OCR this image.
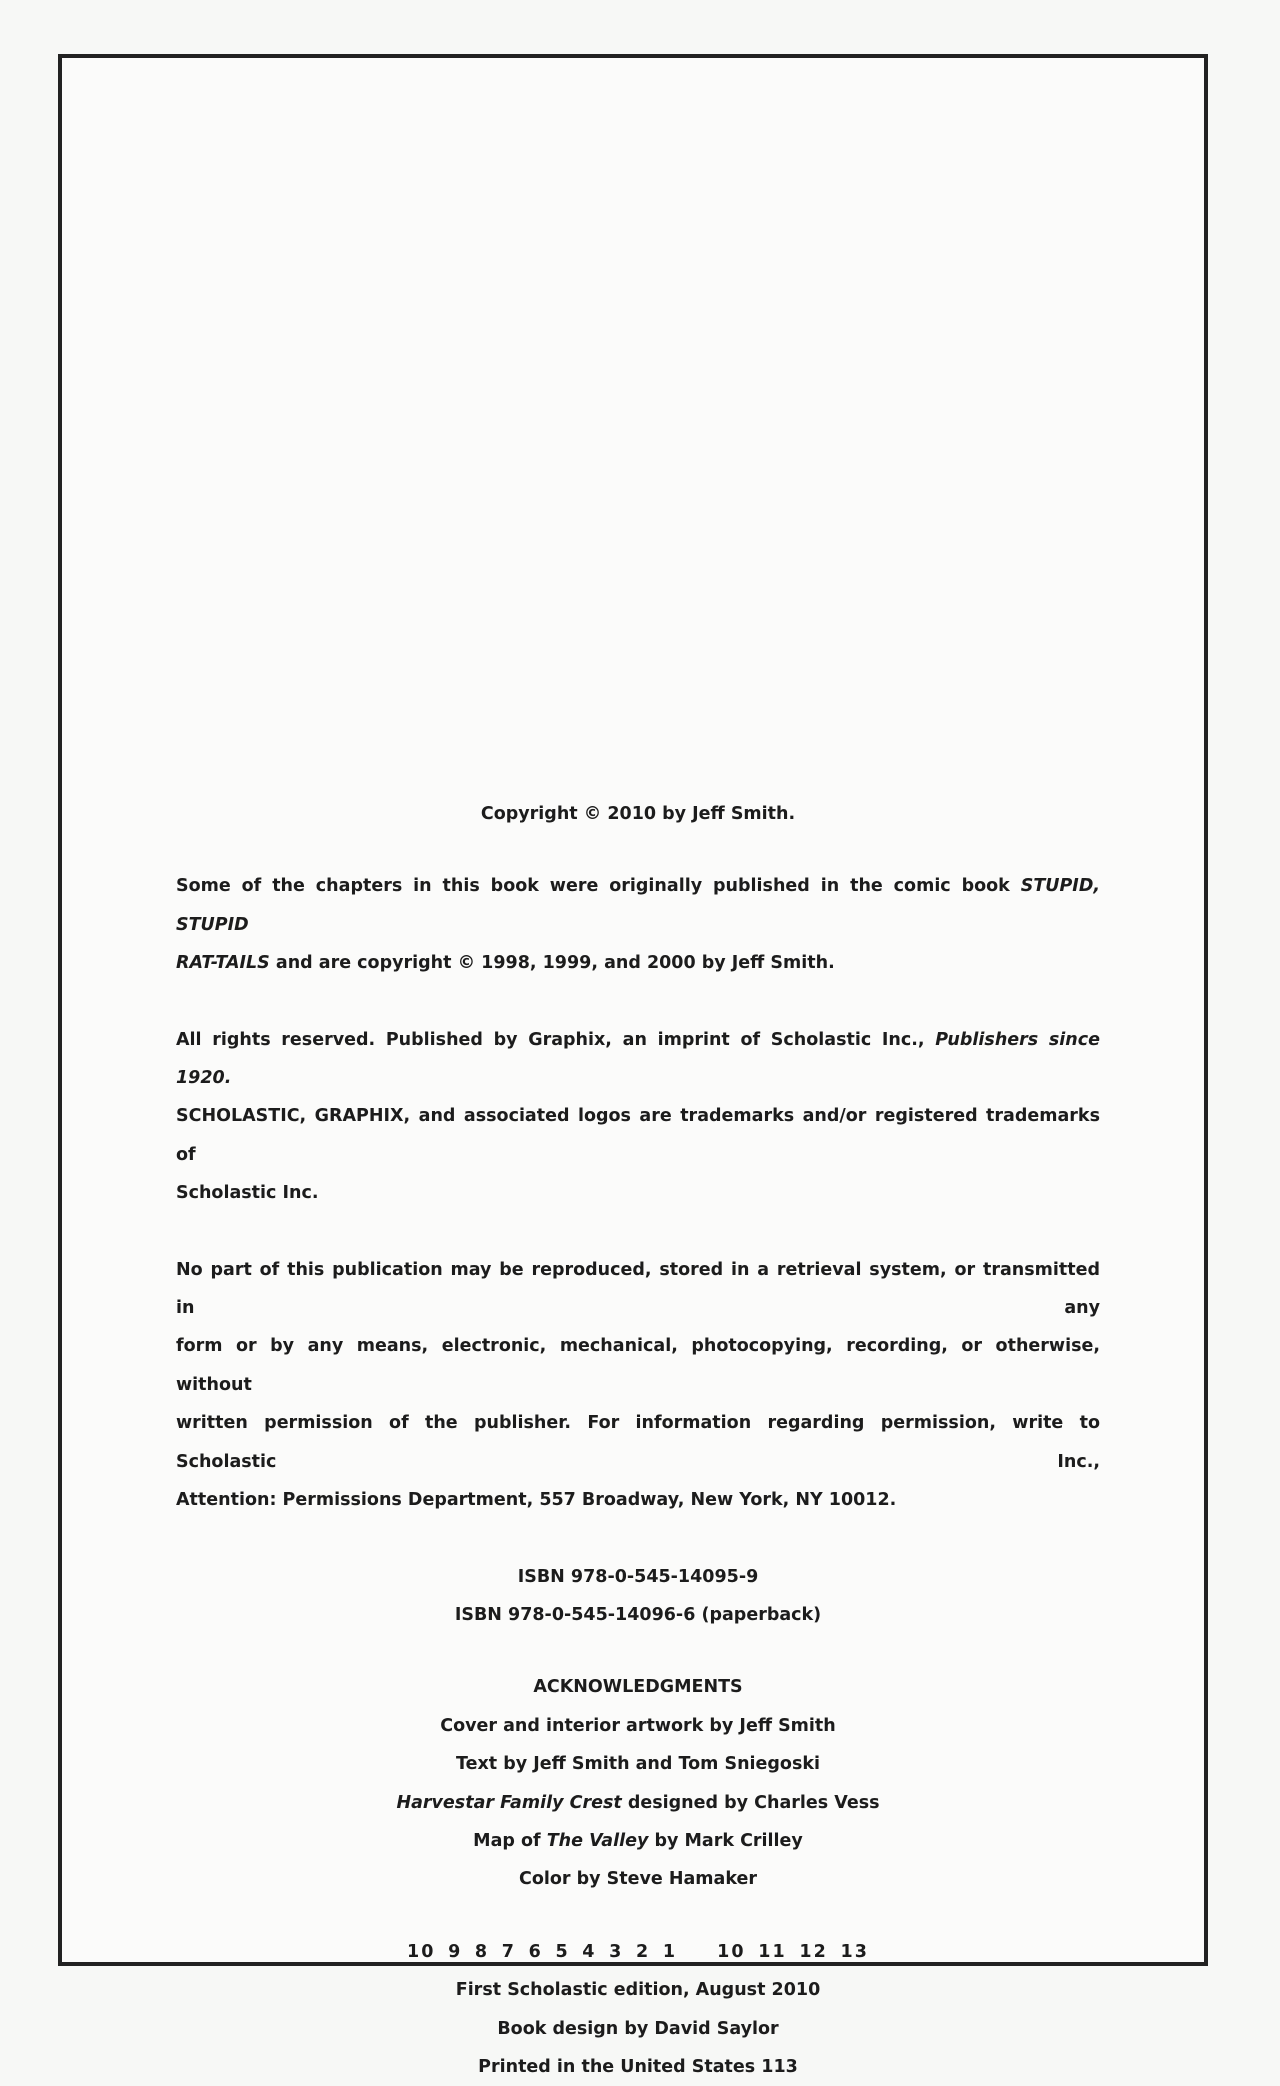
Copyright © 2010 by Jeff Smith.

Some of the chapters in this book were originally published in the comic book STUPID, STUPID
RAT-TAILS and are copyright © 1998, 1999, and 2000 by Jeff Smith.

All rights reserved. Published by Graphix, an imprint of Scholastic Inc., Publishers since 1920.
SCHOLASTIC, GRAPHIX, and associated logos are trademarks and/or registered trademarks of
Scholastic Inc.

No part of this publication may be reproduced, stored in a retrieval system, or transmitted in any
form or by any means, electronic, mechanical, photocopying, recording, or otherwise, without
written permission of the publisher. For information regarding permission, write to Scholastic Inc.,
Attention: Permissions Department, 557 Broadway, New York, NY 10012.

ISBN 978-0-545-14095-9
ISBN 978-0-545-14096-6 (paperback)
ACKNOWLEDGMENTS
Cover and interior artwork by Jeff Smith
Text by Jeff Smith and Tom Sniegoski
Harvestar Family Crest designed by Charles Vess
Map of The Valley by Mark Crilley
Color by Steve Hamaker
10 9 8 7 6 5 4 3 2 1 10 11 12 13
First Scholastic edition, August 2010
Book design by David Saylor
Printed in the United States 113
